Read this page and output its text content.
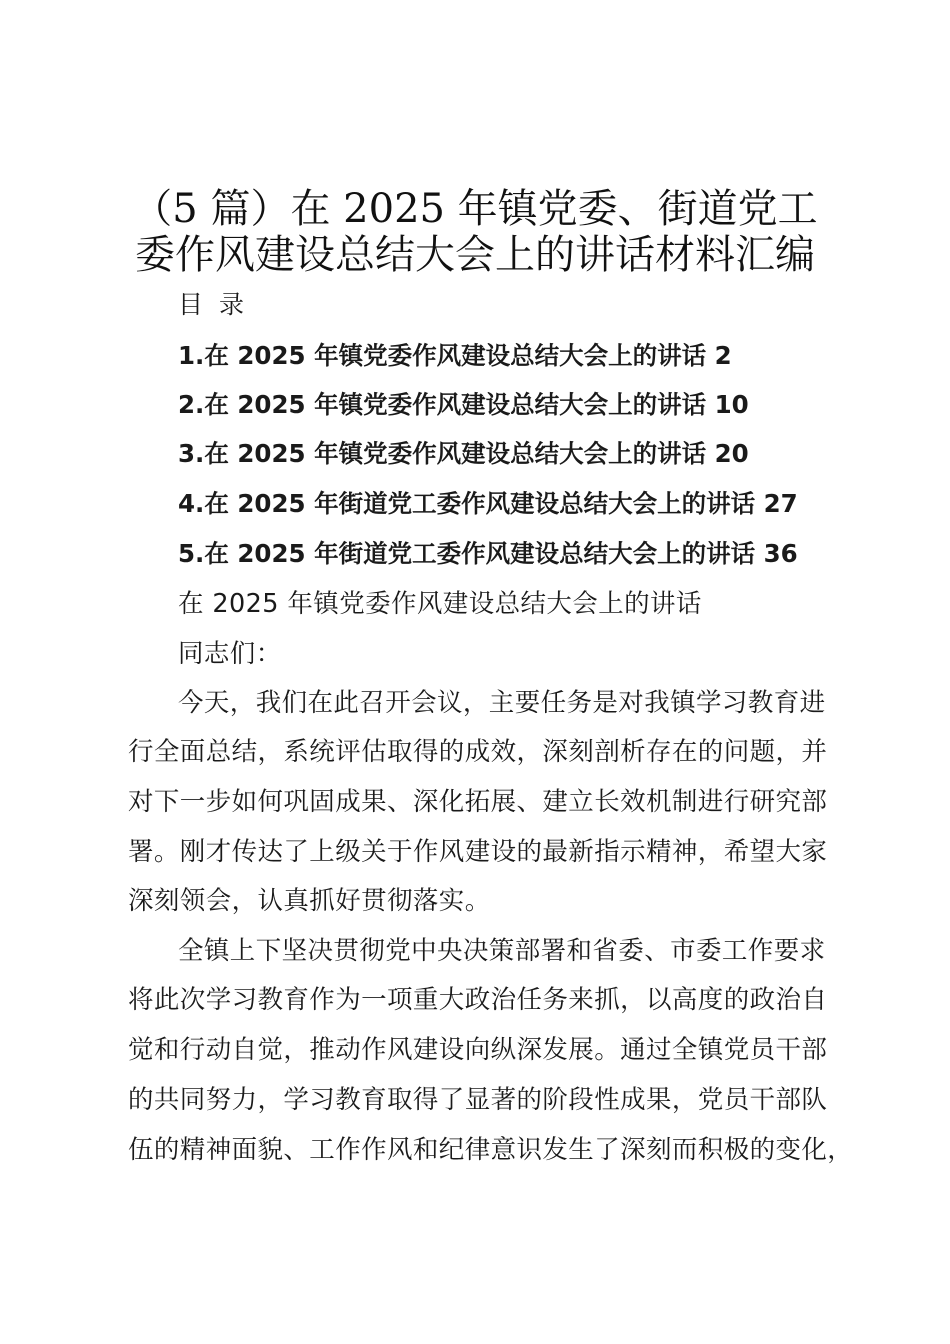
（5 篇）在 2025 年镇党委、街道党工
委作风建设总结大会上的讲话材料汇编
目 录
1.在 2025 年镇党委作风建设总结大会上的讲话 2
2.在 2025 年镇党委作风建设总结大会上的讲话 10
3.在 2025 年镇党委作风建设总结大会上的讲话 20
4.在 2025 年街道党工委作风建设总结大会上的讲话 27
5.在 2025 年街道党工委作风建设总结大会上的讲话 36
在 2025 年镇党委作风建设总结大会上的讲话
同志们：
今天，我们在此召开会议，主要任务是对我镇学习教育进
行全面总结，系统评估取得的成效，深刻剖析存在的问题，并
对下一步如何巩固成果、深化拓展、建立长效机制进行研究部
署。刚才传达了上级关于作风建设的最新指示精神，希望大家
深刻领会，认真抓好贯彻落实。
全镇上下坚决贯彻党中央决策部署和省委、市委工作要求
将此次学习教育作为一项重大政治任务来抓，以高度的政治自
觉和行动自觉，推动作风建设向纵深发展。通过全镇党员干部
的共同努力，学习教育取得了显著的阶段性成果，党员干部队
伍的精神面貌、工作作风和纪律意识发生了深刻而积极的变化，
